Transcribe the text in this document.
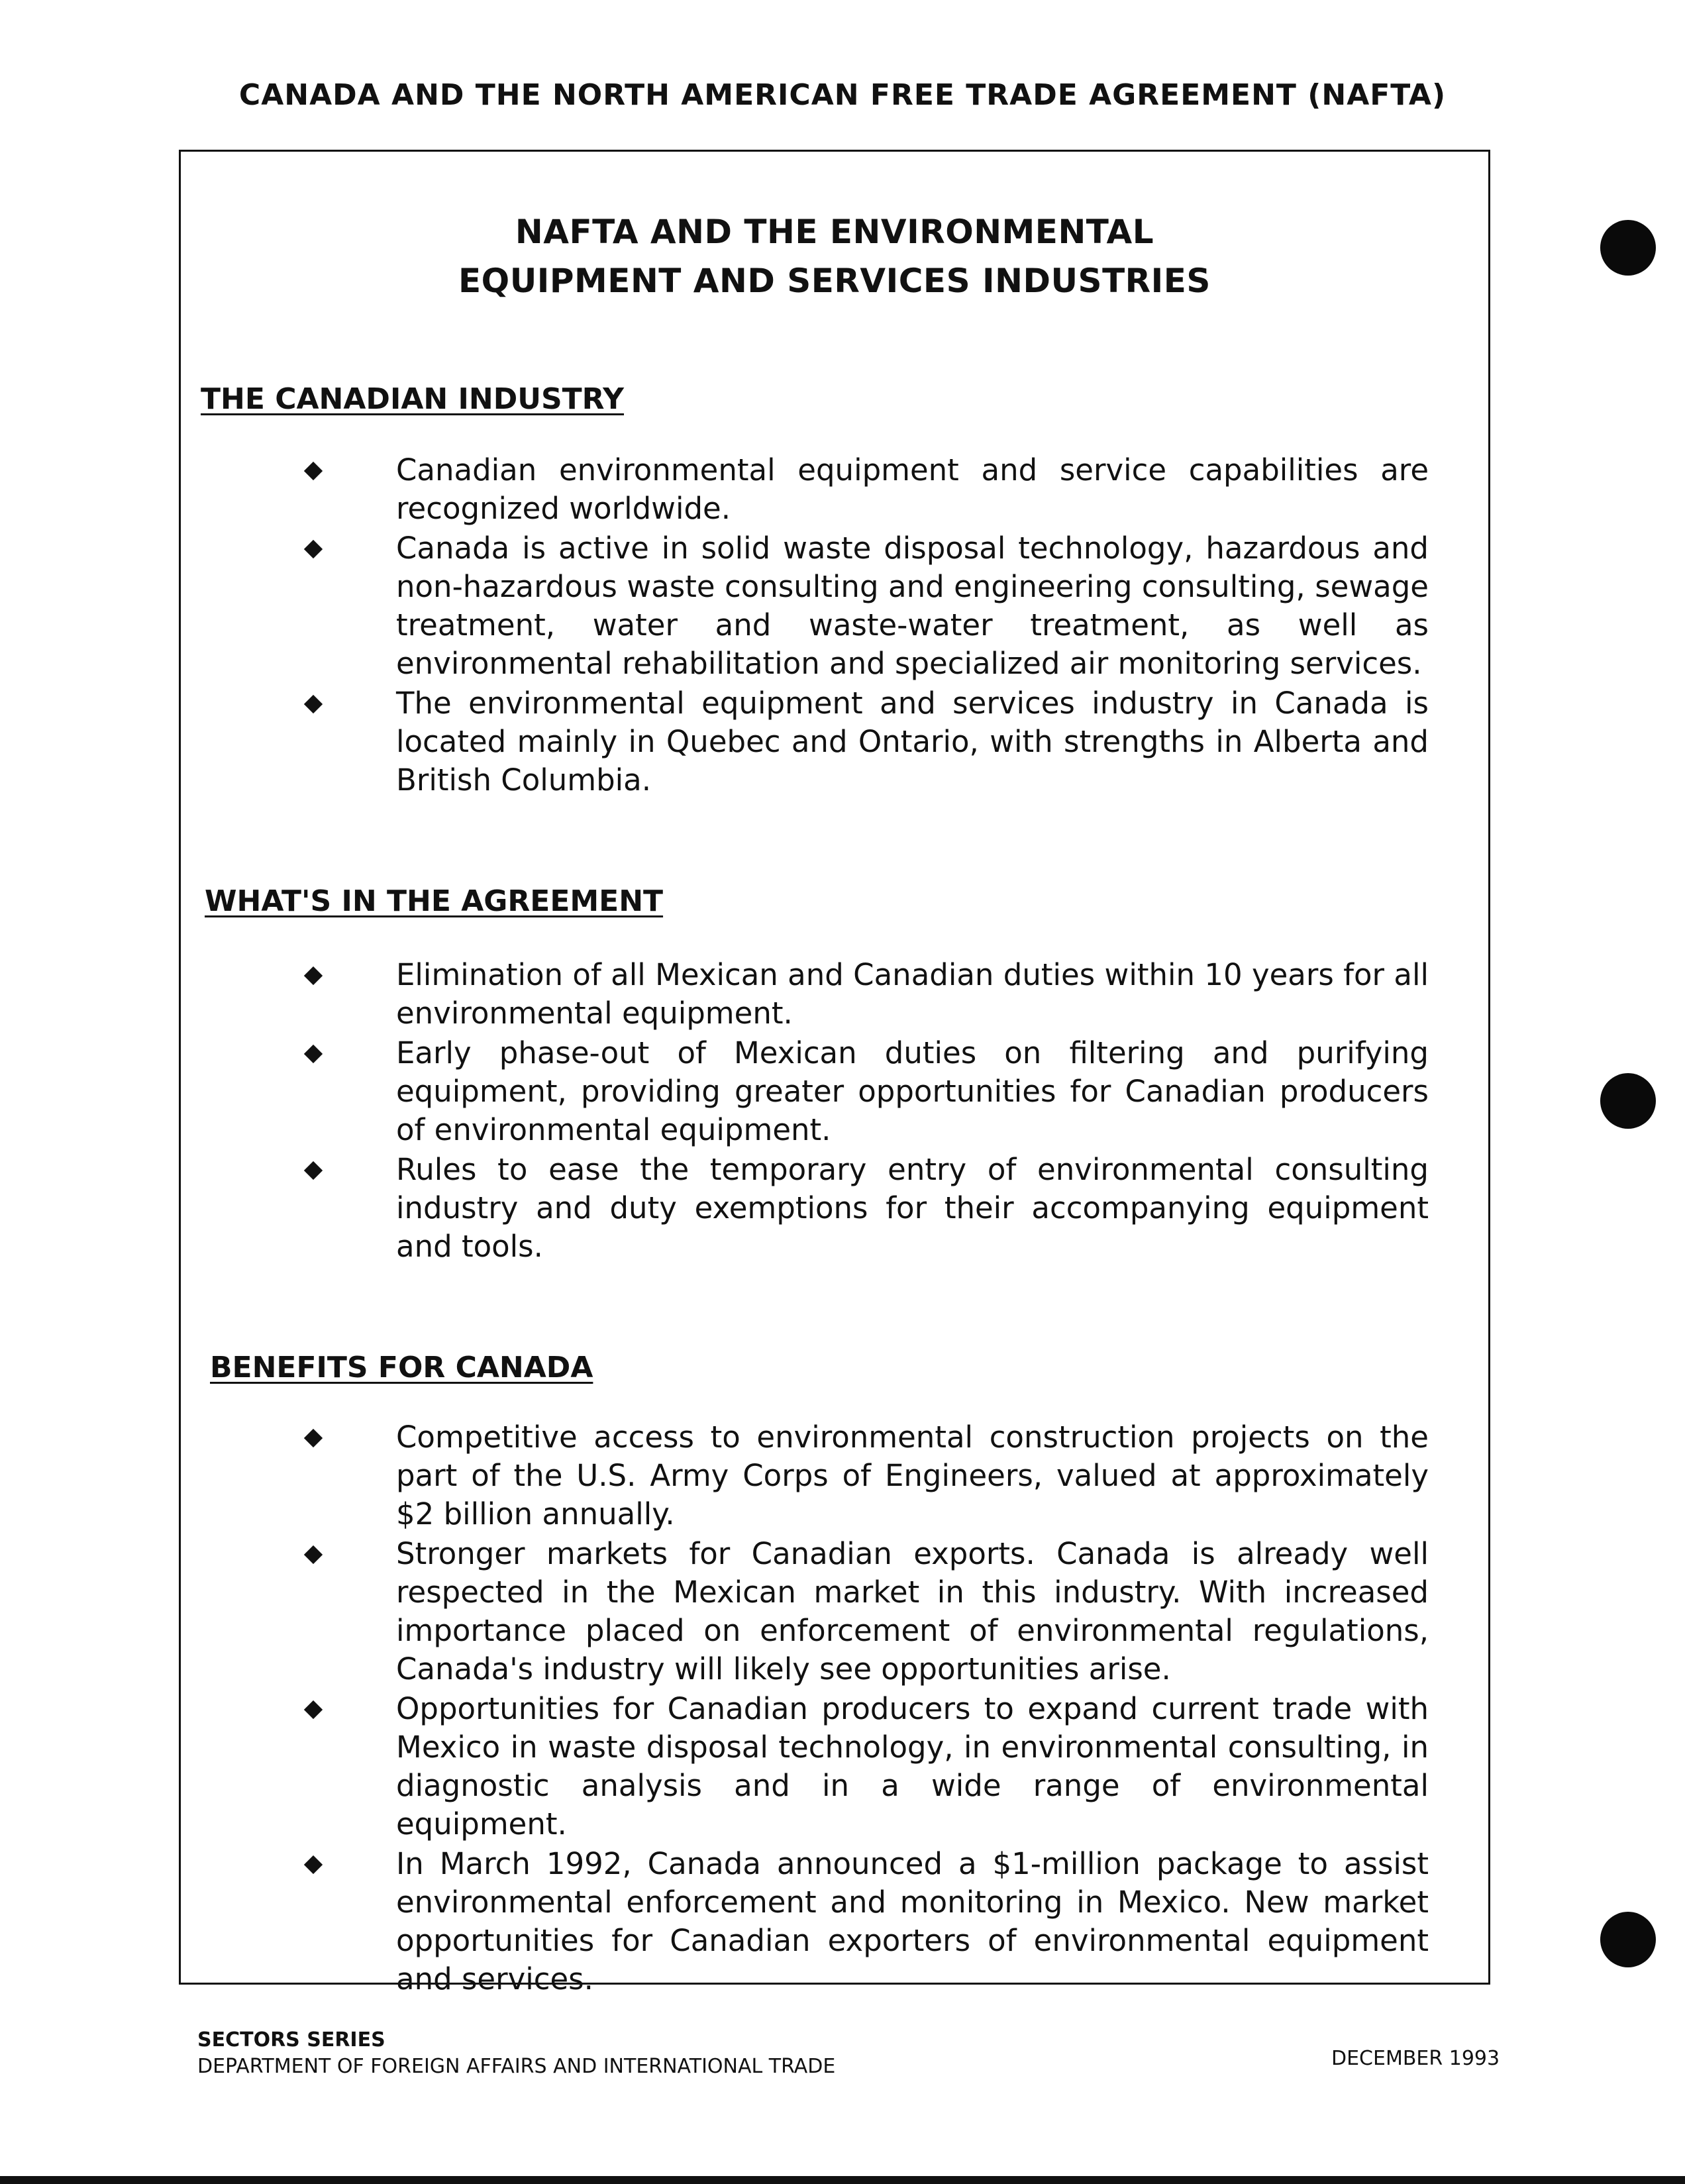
CANADA AND THE NORTH AMERICAN FREE TRADE AGREEMENT (NAFTA)
NAFTA AND THE ENVIRONMENTAL
EQUIPMENT AND SERVICES INDUSTRIES
THE CANADIAN INDUSTRY
Canadian environmental equipment and service capabilities are recognized worldwide.
Canada is active in solid waste disposal technology, hazardous and non-hazardous waste consulting and engineering consulting, sewage treatment, water and waste-water treatment, as well as environmental rehabilitation and specialized air monitoring services.
The environmental equipment and services industry in Canada is located mainly in Quebec and Ontario, with strengths in Alberta and British Columbia.
WHAT'S IN THE AGREEMENT
Elimination of all Mexican and Canadian duties within 10 years for all environmental equipment.
Early phase-out of Mexican duties on filtering and purifying equipment, providing greater opportunities for Canadian producers of environmental equipment.
Rules to ease the temporary entry of environmental consulting industry and duty exemptions for their accompanying equipment and tools.
BENEFITS FOR CANADA
Competitive access to environmental construction projects on the part of the U.S. Army Corps of Engineers, valued at approximately $2 billion annually.
Stronger markets for Canadian exports. Canada is already well respected in the Mexican market in this industry. With increased importance placed on enforcement of environmental regulations, Canada's industry will likely see opportunities arise.
Opportunities for Canadian producers to expand current trade with Mexico in waste disposal technology, in environmental consulting, in diagnostic analysis and in a wide range of environmental equipment.
In March 1992, Canada announced a $1-million package to assist environmental enforcement and monitoring in Mexico. New market opportunities for Canadian exporters of environmental equipment and services.
SECTORS SERIES
DEPARTMENT OF FOREIGN AFFAIRS AND INTERNATIONAL TRADE	DECEMBER 1993
